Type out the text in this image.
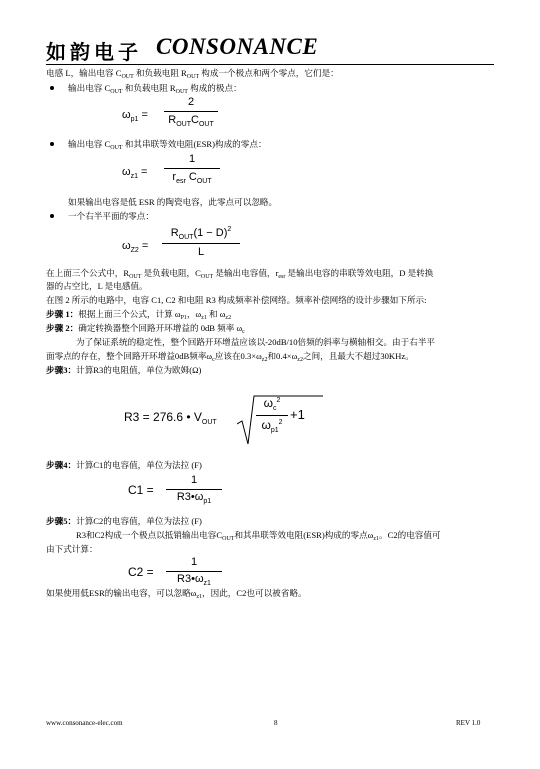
如韵电子 CONSONANCE
电感 L，输出电容 $C_{OUT}$ 和负载电阻 $R_{OUT}$ 构成一个极点和两个零点，它们是：
输出电容 $C_{OUT}$ 和负载电阻 $R_{OUT}$ 构成的极点：
$\omega_{p1}$ =
2
$R_{OUT}C_{OUT}$
输出电容 $C_{OUT}$ 和其串联等效电阻(ESR)构成的零点：
$\omega_{z1}$ =
1
$r_{esr}$ $C_{OUT}$
如果输出电容是低 ESR 的陶瓷电容，此零点可以忽略。
一个右半平面的零点：
$\omega_{Z2}$ =
$R_{OUT}(1 - D)^2$
L
在上面三个公式中，$R_{OUT}$ 是负载电阻，$C_{OUT}$ 是输出电容值，$r_{esr}$ 是输出电容的串联等效电阻，D 是转换
器的占空比，L 是电感值。
在图 2 所示的电路中，电容 C1, C2 和电阻 R3 构成频率补偿网络。频率补偿网络的设计步骤如下所示:
步骤 1：根据上面三个公式，计算 $\omega_{P1}$，$\omega_{z1}$ 和 $\omega_{z2}$
步骤 2：确定转换器整个回路开环增益的 0dB 频率 $\omega_c$
为了保证系统的稳定性，整个回路开环增益应该以-20dB/10倍频的斜率与横轴相交。由于右半平
面零点的存在，整个回路开环增益0dB频率$\omega_c$应该在$0.3\times\omega_{z2}$和$0.4\times\omega_{z2}$之间，且最大不超过30KHz。
步骤3：计算R3的电阻值，单位为欧姆(Ω)
R3 = 276.6 • $V_{OUT}$
$\omega_c^2$
$\omega_{p1}^2$
+1
步骤4：计算C1的电容值，单位为法拉 (F)
C1 =
1
$R3•\omega_{p1}$
步骤5：计算C2的电容值，单位为法拉 (F)
R3和C2构成一个极点以抵销输出电容$C_{OUT}$和其串联等效电阻(ESR)构成的零点$\omega_{z1}$。C2的电容值可
由下式计算：
C2 =
1
$R3•\omega_{z1}$
如果使用低ESR的输出电容，可以忽略$\omega_{z1}$，因此，C2也可以被省略。
www.consonance-elec.com	8	REV 1.0
